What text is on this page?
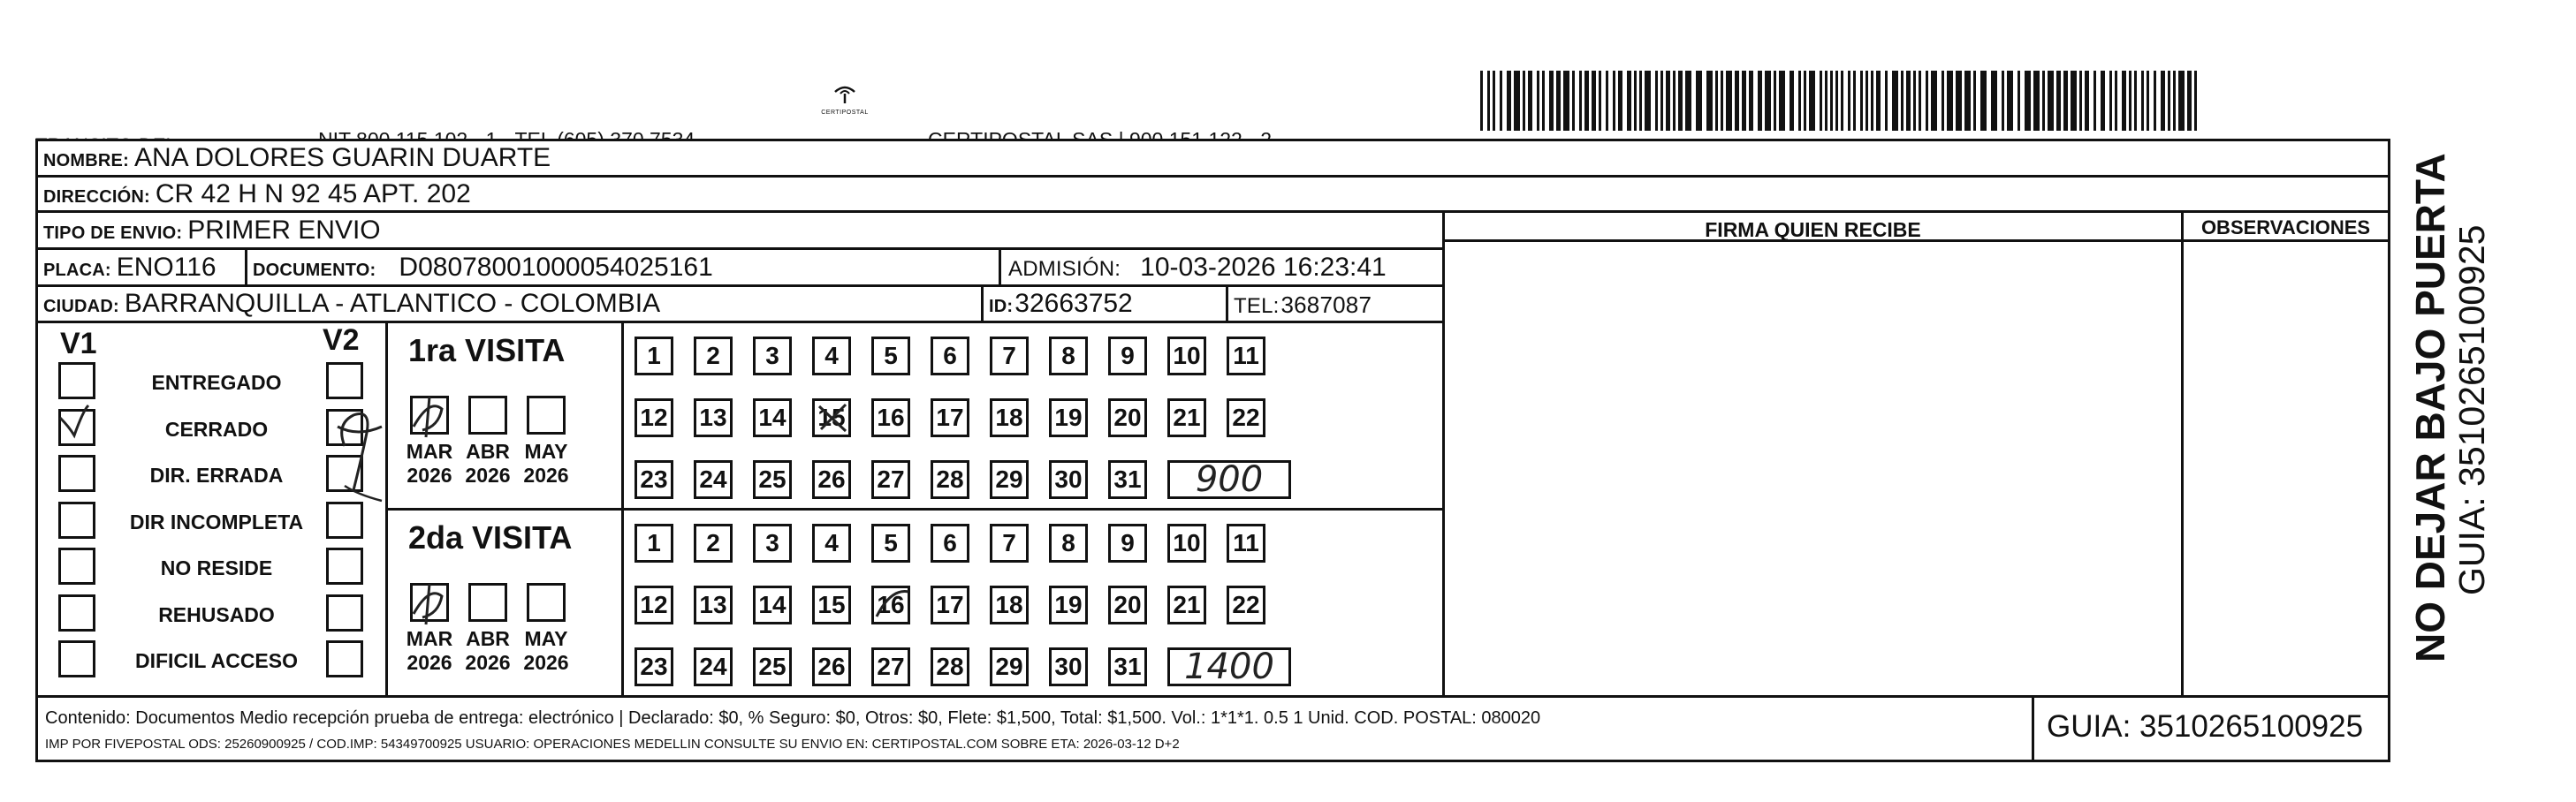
CERTIPOSTAL

NOMBRE: ANA DOLORES GUARIN DUARTE
DIRECCIÓN: CR 42 H N 92 45 APT. 202
TIPO DE ENVIO: PRIMER ENVIO
PLACA: ENO116 DOCUMENTO: D08078001000054025161	ADMISIÓN: 10-03-2026 16:23:41
CIUDAD: BARRANQUILLA - ATLANTICO - COLOMBIA	ID: 32663752	TEL: 3687087
V1	V2
ENTREGADO
CERRADO
DIR. ERRADA
DIR INCOMPLETA
NO RESIDE
REHUSADO
DIFICIL ACCESO
1ra VISITA
2da VISITA
MAR
2026
ABR
2026
MAY
2026
1	2	3	4	5	6	7	8	9	10 11
12 13 14 15 16 17 18 19 20 21 22
23 24 25 26 27 28 29 30 31 900
MAR
2026
ABR
2026
MAY
2026
1	2	3	4	5	6	7	8	9	10 11
12 13 14 15 16 17 18 19 20 21 22
23 24 25 26 27 28 29 30 31 1400
FIRMA QUIEN RECIBE	OBSERVACIONES
Contenido: Documentos Medio recepción prueba de entrega: electrónico | Declarado: $0, % Seguro: $0, Otros: $0, Flete: $1,500, Total: $1,500. Vol.: 1*1*1. 0.5 1 Unid. COD. POSTAL: 080020
IMP POR FIVEPOSTAL ODS: 25260900925 / COD.IMP: 54349700925 USUARIO: OPERACIONES MEDELLIN CONSULTE SU ENVIO EN: CERTIPOSTAL.COM SOBRE ETA: 2026-03-12 D+2
GUIA: 3510265100925
NO DEJAR BAJO PUERTA
GUIA: 3510265100925
